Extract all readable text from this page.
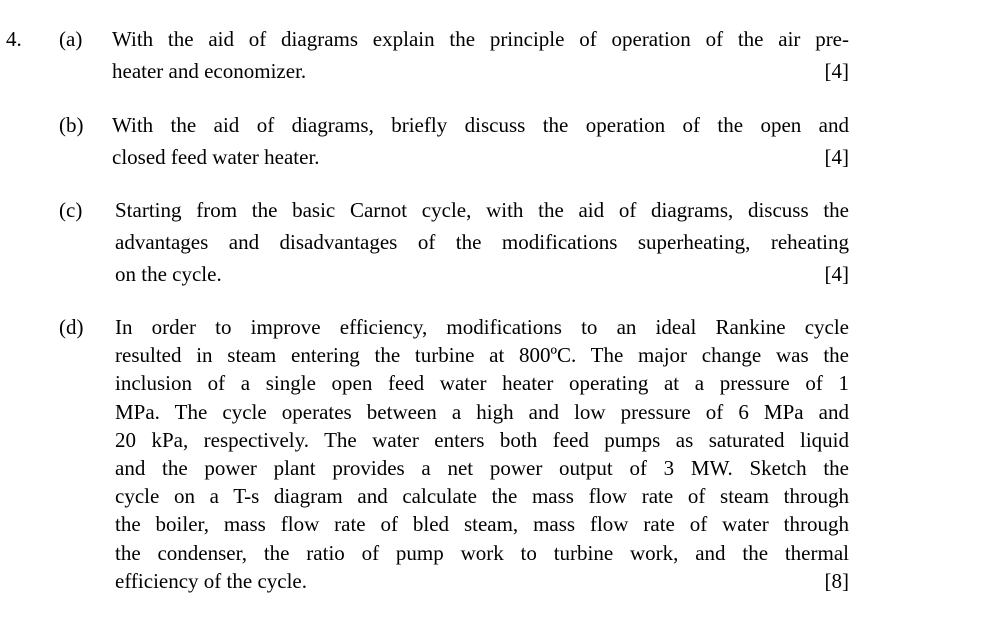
4. (a) With the aid of diagrams explain the principle of operation of the air pre-
heater and economizer.	[4]
(b) With the aid of diagrams, briefly discuss the operation of the open and
closed feed water heater.	[4]
(c) Starting from the basic Carnot cycle, with the aid of diagrams, discuss the
advantages and disadvantages of the modifications superheating, reheating
on the cycle.	[4]
(d) In order to improve efficiency, modifications to an ideal Rankine cycle
resulted in steam entering the turbine at 800ºC. The major change was the
inclusion of a single open feed water heater operating at a pressure of 1
MPa. The cycle operates between a high and low pressure of 6 MPa and
20 kPa, respectively. The water enters both feed pumps as saturated liquid
and the power plant provides a net power output of 3 MW. Sketch the
cycle on a T-s diagram and calculate the mass flow rate of steam through
the boiler, mass flow rate of bled steam, mass flow rate of water through
the condenser, the ratio of pump work to turbine work, and the thermal
efficiency of the cycle.	[8]
